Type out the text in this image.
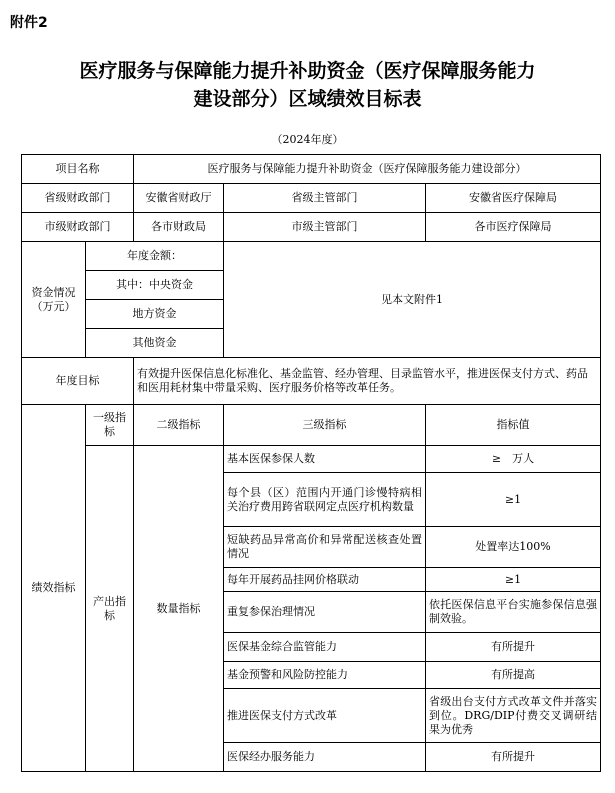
附件2
医疗服务与保障能力提升补助资金（医疗保障服务能力
建设部分）区域绩效目标表
（2024年度）
项目名称		医疗服务与保障能力提升补助资金（医疗保障服务能力建设部分）		
省级财政部门		安徽省财政厅	省级主管部门	安徽省医疗保障局
市级财政部门		各市财政局	市级主管部门	各市医疗保障局
资金情况（万元）	年度金额：		见本文附件1	
	其中：中央资金			
	地方资金			
	其他资金			
年度目标		有效提升医保信息化标准化、基金监管、经办管理、目录监管水平，推进医保支付方式、药品和医用耗材集中带量采购、医疗服务价格等改革任务。		
绩效指标	一级指标	二级指标	三级指标	指标值
	产出指标	数量指标	基本医保参保人数	≥　万人
			每个县（区）范围内开通门诊慢特病相关治疗费用跨省联网定点医疗机构数量	≥1
			短缺药品异常高价和异常配送核查处置情况	处置率达100%
			每年开展药品挂网价格联动	≥1
			重复参保治理情况	依托医保信息平台实施参保信息强制效验。
			医保基金综合监管能力	有所提升
			基金预警和风险防控能力	有所提高
			推进医保支付方式改革	省级出台支付方式改革文件并落实到位。DRG/DIP付费交叉调研结果为优秀
			医保经办服务能力	有所提升
